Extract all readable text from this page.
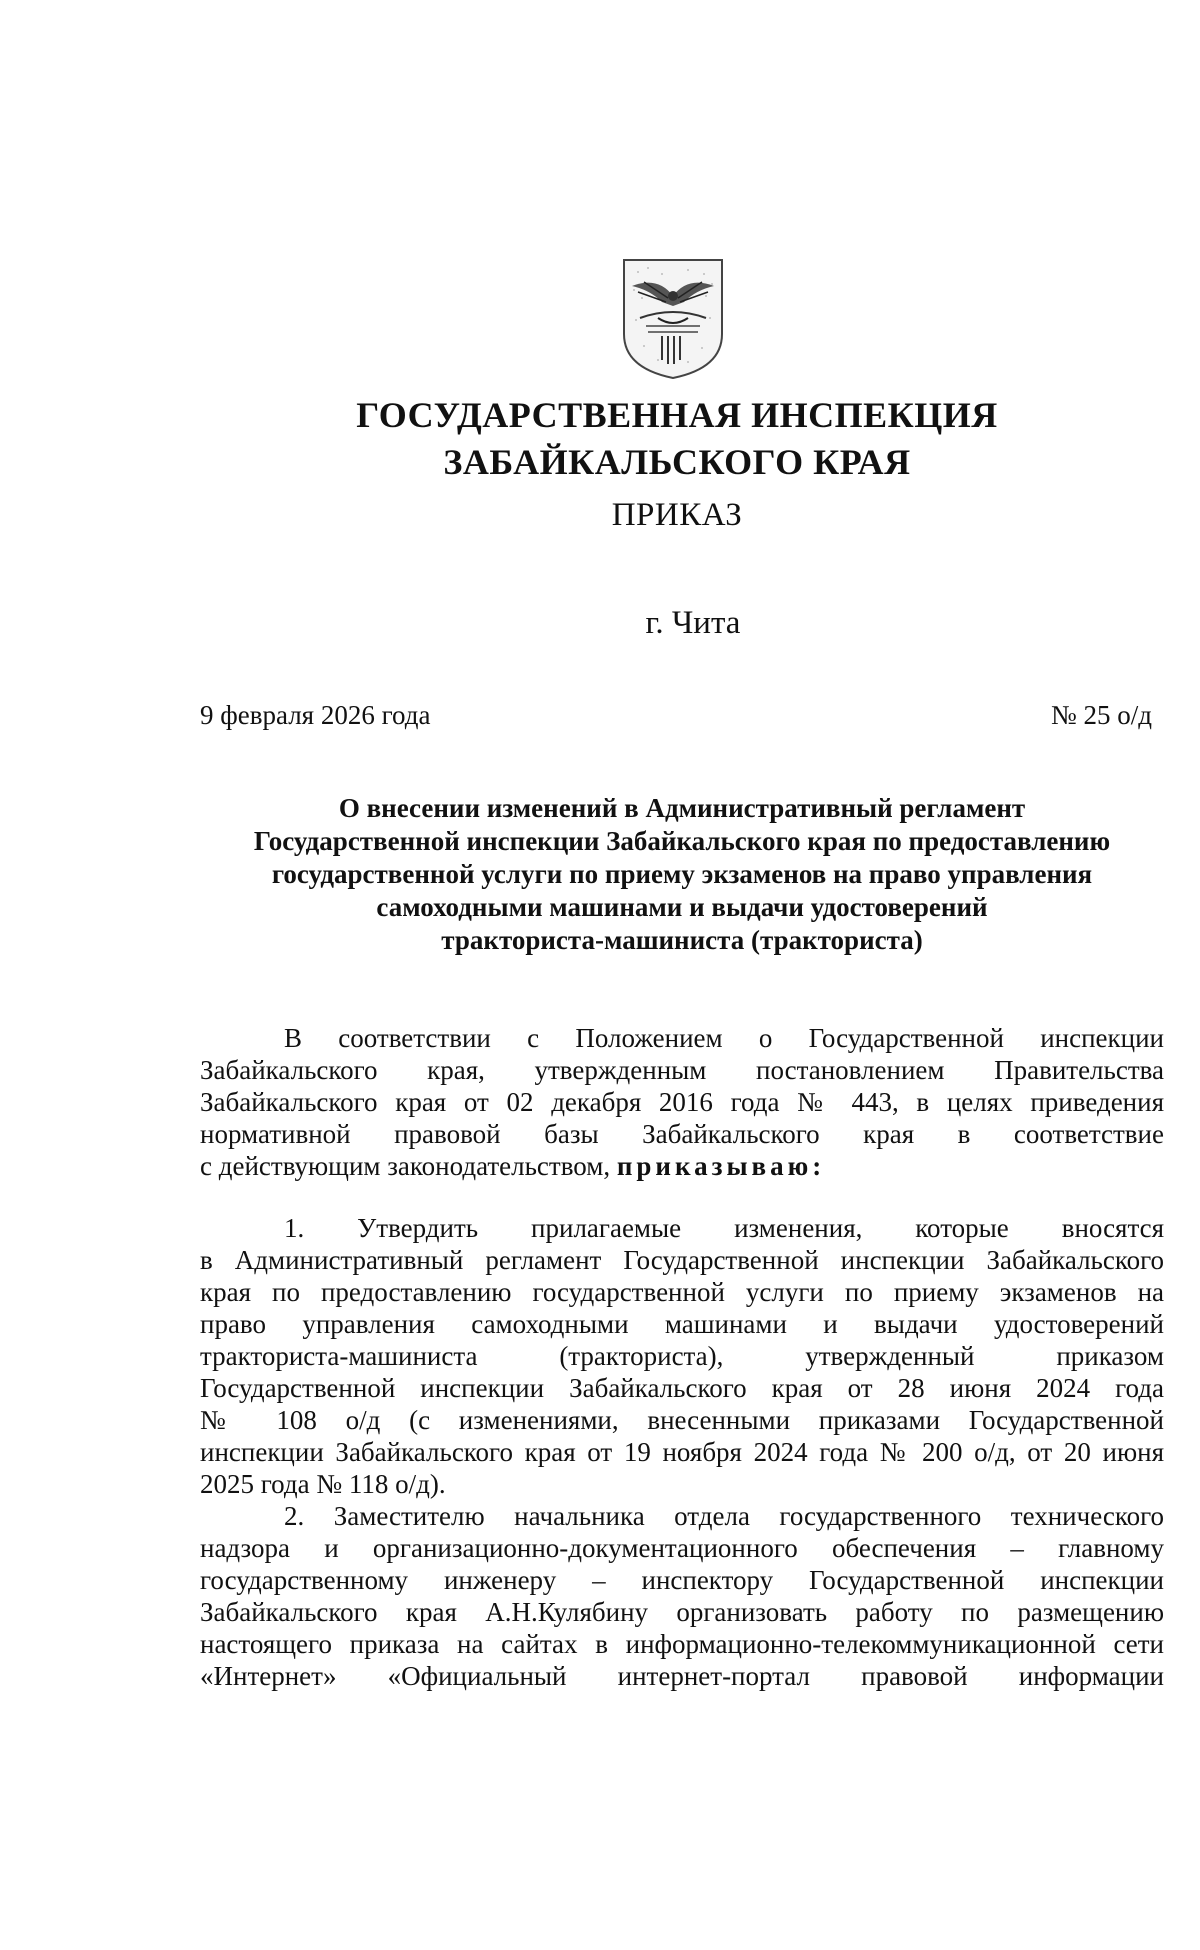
ГОСУДАРСТВЕННАЯ ИНСПЕКЦИЯ
ЗАБАЙКАЛЬСКОГО КРАЯ
ПРИКАЗ
г. Чита
9 февраля 2026 года	№ 25 о/д
О внесении изменений в Административный регламент
Государственной инспекции Забайкальского края по предоставлению
государственной услуги по приему экзаменов на право управления
самоходными машинами и выдачи удостоверений
тракториста-машиниста (тракториста)
В соответствии с Положением о Государственной инспекции
Забайкальского края, утвержденным постановлением Правительства
Забайкальского края от 02 декабря 2016 года № 443, в целях приведения
нормативной правовой базы Забайкальского края в соответствие
с действующим законодательством, приказываю:
1. Утвердить прилагаемые изменения, которые вносятся
в Административный регламент Государственной инспекции Забайкальского
края по предоставлению государственной услуги по приему экзаменов на
право управления самоходными машинами и выдачи удостоверений
тракториста-машиниста (тракториста), утвержденный приказом
Государственной инспекции Забайкальского края от 28 июня 2024 года
№ 108 о/д (с изменениями, внесенными приказами Государственной
инспекции Забайкальского края от 19 ноября 2024 года № 200 о/д, от 20 июня
2025 года № 118 о/д).
2. Заместителю начальника отдела государственного технического
надзора и организационно-документационного обеспечения – главному
государственному инженеру – инспектору Государственной инспекции
Забайкальского края А.Н.Кулябину организовать работу по размещению
настоящего приказа на сайтах в информационно-телекоммуникационной сети
«Интернет» «Официальный интернет-портал правовой информации
